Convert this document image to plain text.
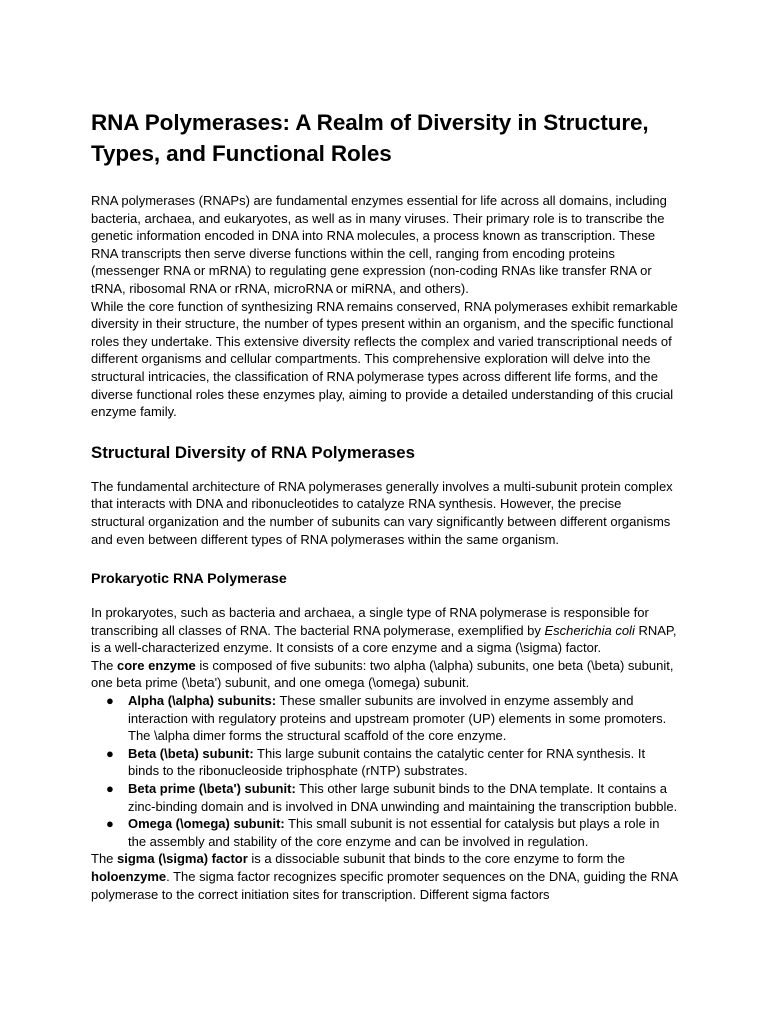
RNA Polymerases: A Realm of Diversity in Structure, Types, and Functional Roles

RNA polymerases (RNAPs) are fundamental enzymes essential for life across all domains, including bacteria, archaea, and eukaryotes, as well as in many viruses. Their primary role is to transcribe the genetic information encoded in DNA into RNA molecules, a process known as transcription. These RNA transcripts then serve diverse functions within the cell, ranging from encoding proteins (messenger RNA or mRNA) to regulating gene expression (non-coding RNAs like transfer RNA or tRNA, ribosomal RNA or rRNA, microRNA or miRNA, and others).

While the core function of synthesizing RNA remains conserved, RNA polymerases exhibit remarkable diversity in their structure, the number of types present within an organism, and the specific functional roles they undertake. This extensive diversity reflects the complex and varied transcriptional needs of different organisms and cellular compartments. This comprehensive exploration will delve into the structural intricacies, the classification of RNA polymerase types across different life forms, and the diverse functional roles these enzymes play, aiming to provide a detailed understanding of this crucial enzyme family.

Structural Diversity of RNA Polymerases

The fundamental architecture of RNA polymerases generally involves a multi-subunit protein complex that interacts with DNA and ribonucleotides to catalyze RNA synthesis. However, the precise structural organization and the number of subunits can vary significantly between different organisms and even between different types of RNA polymerases within the same organism.

Prokaryotic RNA Polymerase

In prokaryotes, such as bacteria and archaea, a single type of RNA polymerase is responsible for transcribing all classes of RNA. The bacterial RNA polymerase, exemplified by Escherichia coli RNAP, is a well-characterized enzyme. It consists of a core enzyme and a sigma (\sigma) factor.

The core enzyme is composed of five subunits: two alpha (\alpha) subunits, one beta (\beta) subunit, one beta prime (\beta') subunit, and one omega (\omega) subunit.

● Alpha (\alpha) subunits: These smaller subunits are involved in enzyme assembly and interaction with regulatory proteins and upstream promoter (UP) elements in some promoters. The \alpha dimer forms the structural scaffold of the core enzyme.
● Beta (\beta) subunit: This large subunit contains the catalytic center for RNA synthesis. It binds to the ribonucleoside triphosphate (rNTP) substrates.
● Beta prime (\beta') subunit: This other large subunit binds to the DNA template. It contains a zinc-binding domain and is involved in DNA unwinding and maintaining the transcription bubble.
● Omega (\omega) subunit: This small subunit is not essential for catalysis but plays a role in the assembly and stability of the core enzyme and can be involved in regulation.

The sigma (\sigma) factor is a dissociable subunit that binds to the core enzyme to form the holoenzyme. The sigma factor recognizes specific promoter sequences on the DNA, guiding the RNA polymerase to the correct initiation sites for transcription. Different sigma factors
